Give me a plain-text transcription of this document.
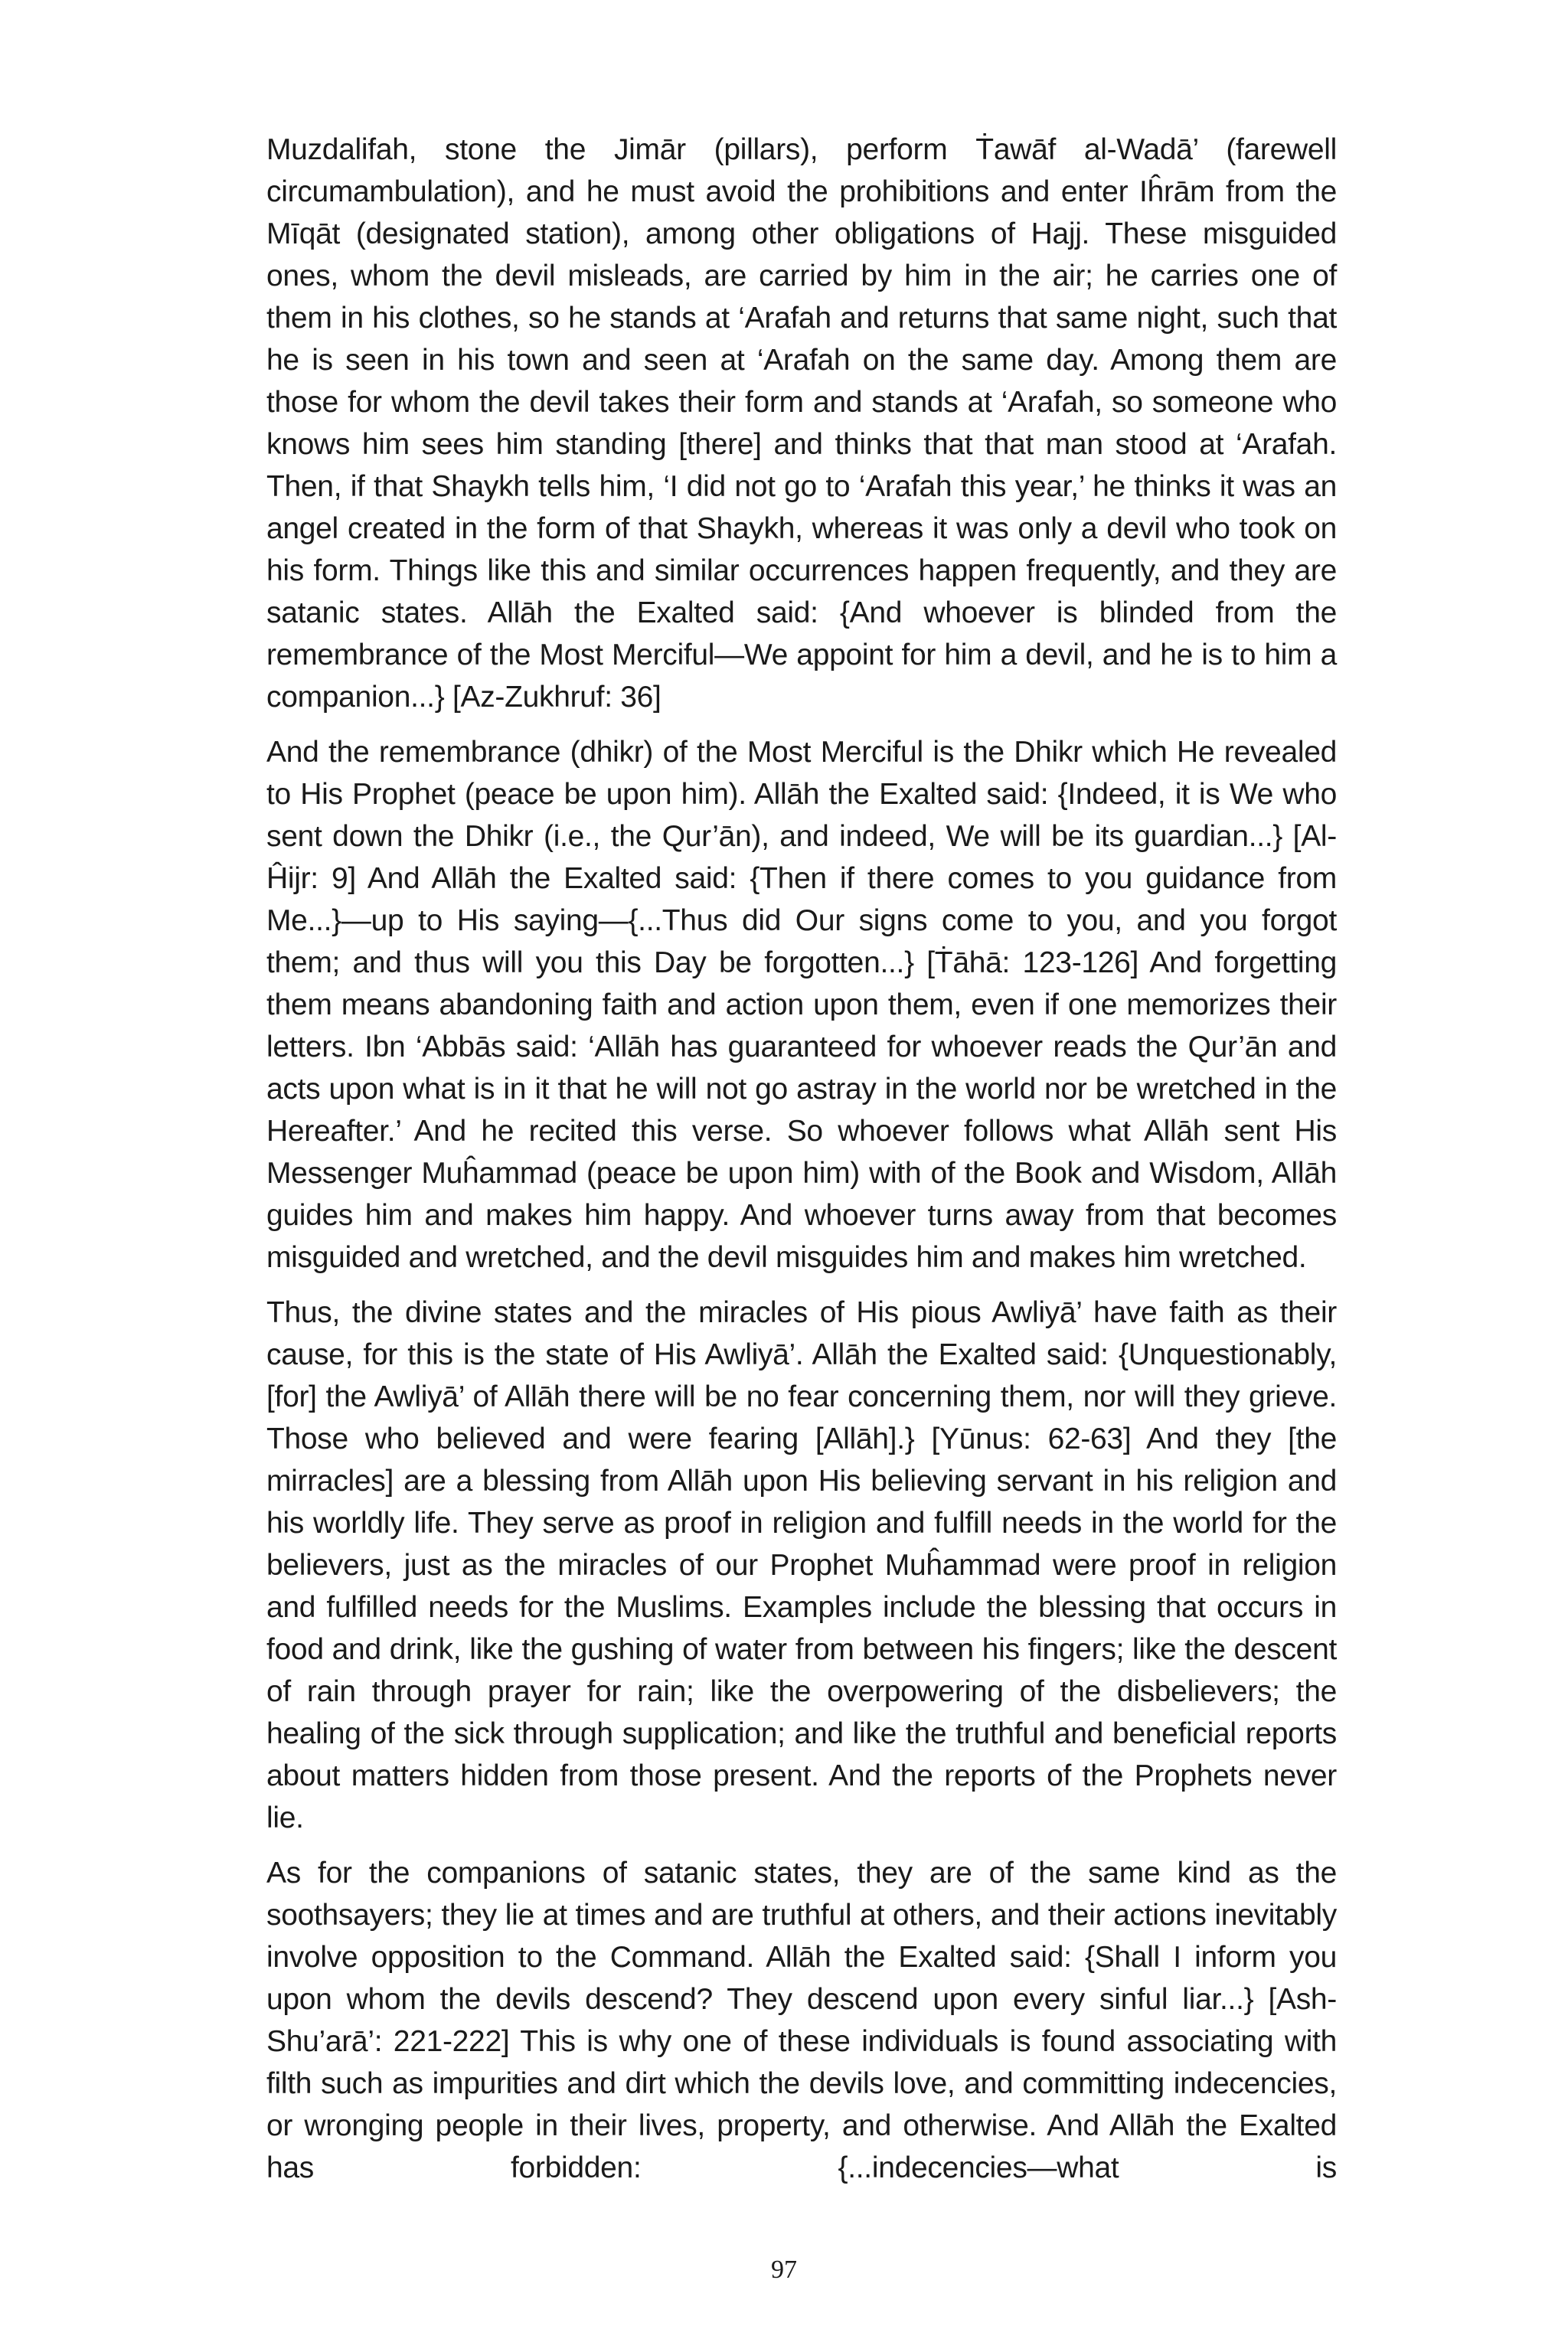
Muzdalifah, stone the Jimār (pillars), perform Ṫawāf al-Wadā’ (farewell circumambulation), and he must avoid the prohibitions and enter Iĥrām from the Mīqāt (designated station), among other obligations of Hajj. These misguided ones, whom the devil misleads, are carried by him in the air; he carries one of them in his clothes, so he stands at ‘Arafah and returns that same night, such that he is seen in his town and seen at ‘Arafah on the same day. Among them are those for whom the devil takes their form and stands at ‘Arafah, so someone who knows him sees him standing [there] and thinks that that man stood at ‘Arafah. Then, if that Shaykh tells him, ‘I did not go to ‘Arafah this year,’ he thinks it was an angel created in the form of that Shaykh, whereas it was only a devil who took on his form. Things like this and similar occurrences happen frequently, and they are satanic states. Allāh the Exalted said: {And whoever is blinded from the remembrance of the Most Merciful—We appoint for him a devil, and he is to him a companion...} [Az-Zukhruf: 36]

And the remembrance (dhikr) of the Most Merciful is the Dhikr which He revealed to His Prophet (peace be upon him). Allāh the Exalted said: {Indeed, it is We who sent down the Dhikr (i.e., the Qur’ān), and indeed, We will be its guardian...} [Al-Ĥijr: 9] And Allāh the Exalted said: {Then if there comes to you guidance from Me...}—up to His saying—{...Thus did Our signs come to you, and you forgot them; and thus will you this Day be forgotten...} [Ṫāhā: 123-126] And forgetting them means abandoning faith and action upon them, even if one memorizes their letters. Ibn ‘Abbās said: ‘Allāh has guaranteed for whoever reads the Qur’ān and acts upon what is in it that he will not go astray in the world nor be wretched in the Hereafter.’ And he recited this verse. So whoever follows what Allāh sent His Messenger Muĥammad (peace be upon him) with of the Book and Wisdom, Allāh guides him and makes him happy. And whoever turns away from that becomes misguided and wretched, and the devil misguides him and makes him wretched.

Thus, the divine states and the miracles of His pious Awliyā’ have faith as their cause, for this is the state of His Awliyā’. Allāh the Exalted said: {Unquestionably, [for] the Awliyā’ of Allāh there will be no fear concerning them, nor will they grieve. Those who believed and were fearing [Allāh].} [Yūnus: 62-63] And they [the mirracles] are a blessing from Allāh upon His believing servant in his religion and his worldly life. They serve as proof in religion and fulfill needs in the world for the believers, just as the miracles of our Prophet Muĥammad were proof in religion and fulfilled needs for the Muslims. Examples include the blessing that occurs in food and drink, like the gushing of water from between his fingers; like the descent of rain through prayer for rain; like the overpowering of the disbelievers; the healing of the sick through supplication; and like the truthful and beneficial reports about matters hidden from those present. And the reports of the Prophets never lie.

As for the companions of satanic states, they are of the same kind as the soothsayers; they lie at times and are truthful at others, and their actions inevitably involve opposition to the Command. Allāh the Exalted said: {Shall I inform you upon whom the devils descend? They descend upon every sinful liar...} [Ash-Shu’arā’: 221-222] This is why one of these individuals is found associating with filth such as impurities and dirt which the devils love, and committing indecencies, or wronging people in their lives, property, and otherwise. And Allāh the Exalted has forbidden: {...indecencies—what is

97
